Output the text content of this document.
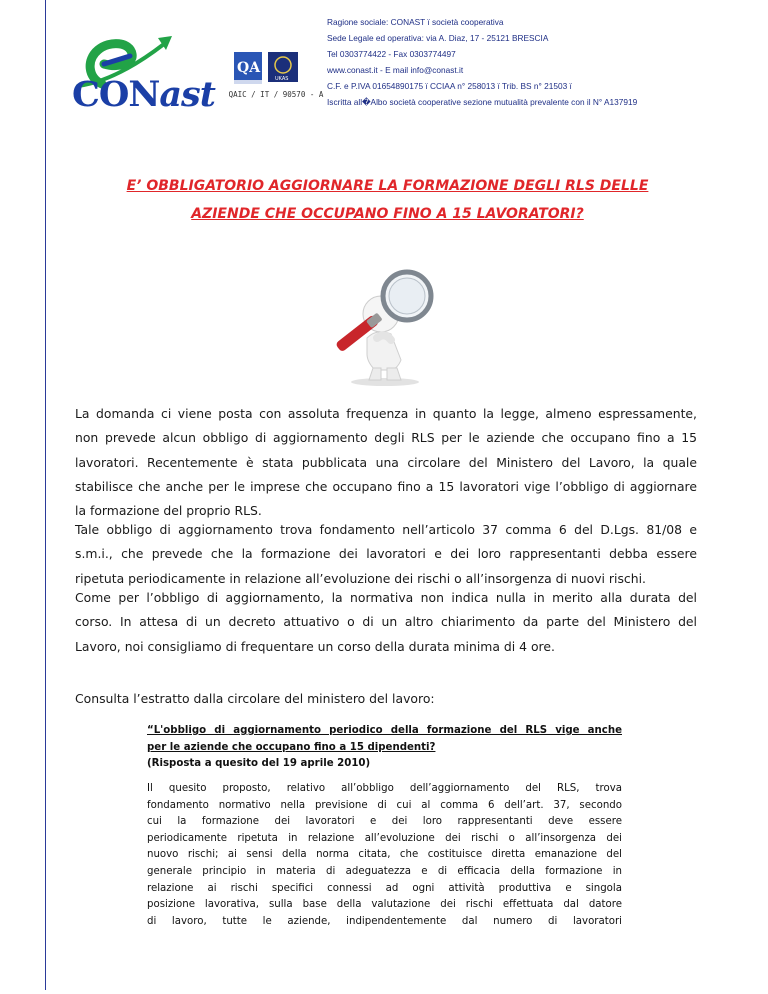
CONast
QA
UKAS
QAIC / IT / 90570 - A
Ragione sociale: CONAST ï società cooperativa
Sede Legale ed operativa: via A. Diaz, 17 - 25121 BRESCIA
Tel 0303774422 - Fax 0303774497
www.conast.it - E mail info@conast.it
C.F. e P.IVA 01654890175 ï CCIAA n° 258013 ï Trib. BS n° 21503 ï
Iscritta all�Albo società cooperative sezione mutualità prevalente con il N° A137919
E’ OBBLIGATORIO AGGIORNARE LA FORMAZIONE DEGLI RLS DELLE
AZIENDE CHE OCCUPANO FINO A 15 LAVORATORI?
La domanda ci viene posta con assoluta frequenza in quanto la legge, almeno espressamente,
non prevede alcun obbligo di aggiornamento degli RLS per le aziende che occupano fino a 15
lavoratori. Recentemente è stata pubblicata una circolare del Ministero del Lavoro, la quale
stabilisce che anche per le imprese che occupano fino a 15 lavoratori vige l’obbligo di aggiornare
la formazione del proprio RLS.
Tale obbligo di aggiornamento trova fondamento nell’articolo 37 comma 6 del D.Lgs. 81/08 e
s.m.i., che prevede che la formazione dei lavoratori e dei loro rappresentanti debba essere
ripetuta periodicamente in relazione all’evoluzione dei rischi o all’insorgenza di nuovi rischi.
Come per l’obbligo di aggiornamento, la normativa non indica nulla in merito alla durata del
corso. In attesa di un decreto attuativo o di un altro chiarimento da parte del Ministero del
Lavoro, noi consigliamo di frequentare un corso della durata minima di 4 ore.
Consulta l’estratto dalla circolare del ministero del lavoro:
“L'obbligo di aggiornamento periodico della formazione del RLS vige anche
per le aziende che occupano fino a 15 dipendenti?
(Risposta a quesito del 19 aprile 2010)
Il quesito proposto, relativo all’obbligo dell’aggiornamento del RLS, trova
fondamento normativo nella previsione di cui al comma 6 dell’art. 37, secondo
cui la formazione dei lavoratori e dei loro rappresentanti deve essere
periodicamente ripetuta in relazione all’evoluzione dei rischi o all’insorgenza dei
nuovo rischi; ai sensi della norma citata, che costituisce diretta emanazione del
generale principio in materia di adeguatezza e di efficacia della formazione in
relazione ai rischi specifici connessi ad ogni attività produttiva e singola
posizione lavorativa, sulla base della valutazione dei rischi effettuata dal datore
di lavoro, tutte le aziende, indipendentemente dal numero di lavoratori
